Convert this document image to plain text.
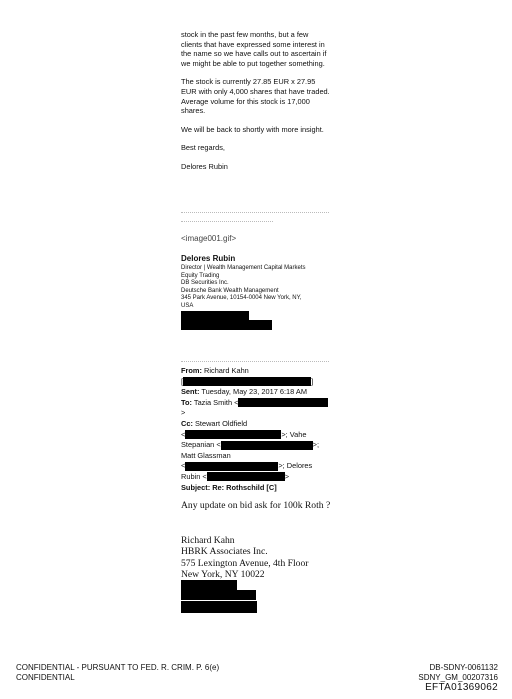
stock in the past few months, but a few clients that have expressed some interest in the name so we have calls out to ascertain if we might be able to put together something.

The stock is currently 27.85 EUR x 27.95 EUR with only 4,000 shares that have traded. Average volume for this stock is 17,000 shares.

We will be back to shortly with more insight.

Best regards,

Delores Rubin

<image001.gif>

Delores Rubin

Director | Wealth Management Capital Markets

Equity Trading

DB Securities Inc.

Deutsche Bank Wealth Management

345 Park Avenue, 10154-0004 New York, NY,

USA

From: Richard Kahn
[	]
Sent: Tuesday, May 23, 2017 6:18 AM
To: Tazia Smith <>
Cc: Stewart Oldfield
<	>; Vahe
Stepanian <	>;
Matt Glassman
<	>; Delores
Rubin <	>
Subject: Re: Rothschild [C]
Any update on bid ask for 100k Roth ?
Richard Kahn
HBRK Associates Inc.
575 Lexington Avenue, 4th Floor
New York, NY 10022
CONFIDENTIAL - PURSUANT TO FED. R. CRIM. P. 6(e)
CONFIDENTIAL
DB-SDNY-0061132
SDNY_GM_00207316
EFTA01369062
